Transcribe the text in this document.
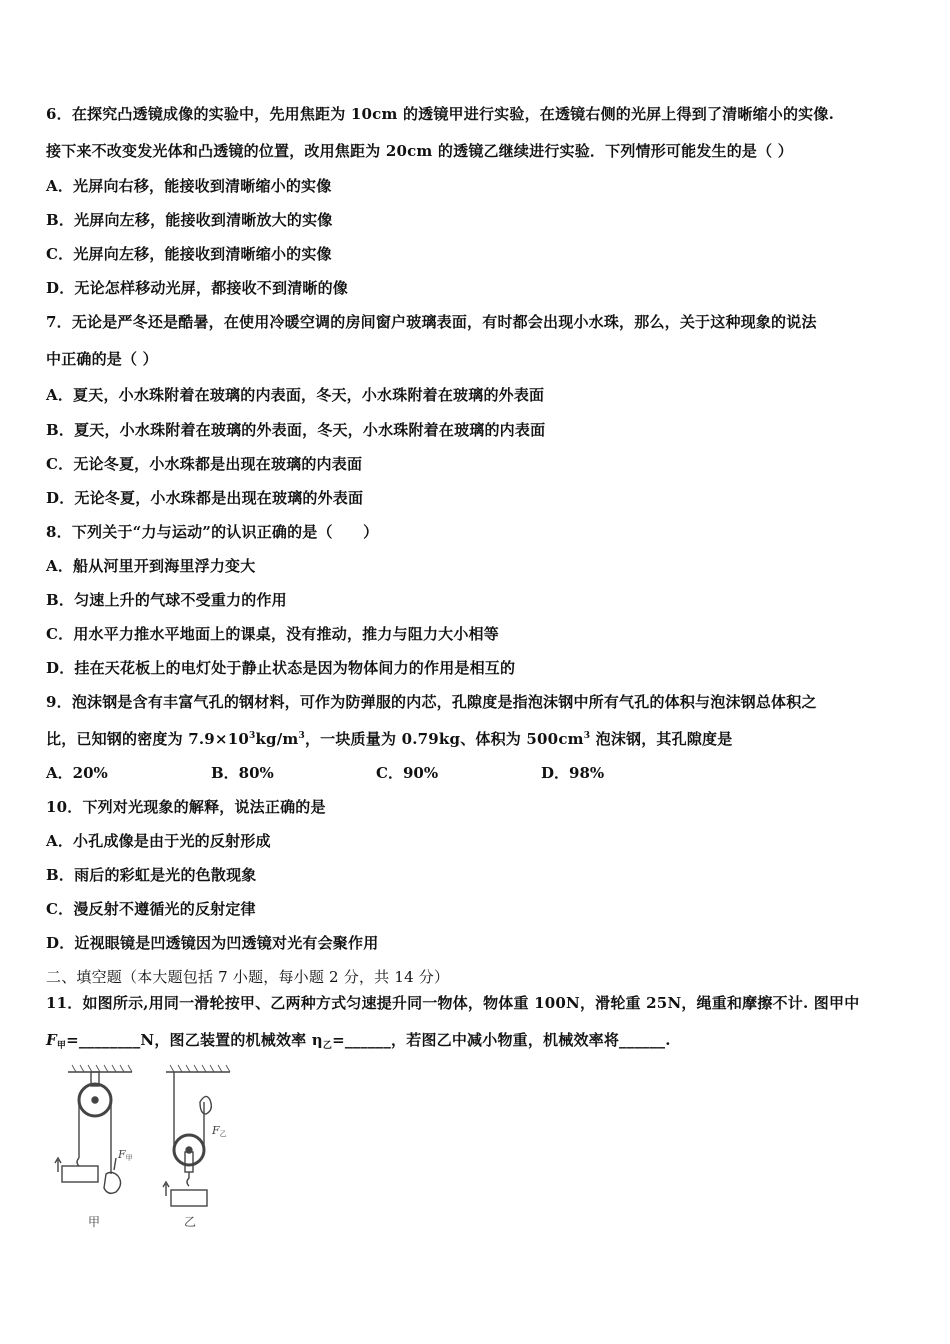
6．在探究凸透镜成像的实验中，先用焦距为 10cm 的透镜甲进行实验，在透镜右侧的光屏上得到了清晰缩小的实像.
接下来不改变发光体和凸透镜的位置，改用焦距为 20cm 的透镜乙继续进行实验．下列情形可能发生的是（ ）
A．光屏向右移，能接收到清晰缩小的实像
B．光屏向左移，能接收到清晰放大的实像
C．光屏向左移，能接收到清晰缩小的实像
D．无论怎样移动光屏，都接收不到清晰的像
7．无论是严冬还是酷暑，在使用冷暖空调的房间窗户玻璃表面，有时都会出现小水珠，那么，关于这种现象的说法
中正确的是（ ）
A．夏天，小水珠附着在玻璃的内表面，冬天，小水珠附着在玻璃的外表面
B．夏天，小水珠附着在玻璃的外表面，冬天，小水珠附着在玻璃的内表面
C．无论冬夏，小水珠都是出现在玻璃的内表面
D．无论冬夏，小水珠都是出现在玻璃的外表面
8．下列关于“力与运动”的认识正确的是（　　）
A．船从河里开到海里浮力变大
B．匀速上升的气球不受重力的作用
C．用水平力推水平地面上的课桌，没有推动，推力与阻力大小相等
D．挂在天花板上的电灯处于静止状态是因为物体间力的作用是相互的
9．泡沫钢是含有丰富气孔的钢材料，可作为防弹服的内芯，孔隙度是指泡沫钢中所有气孔的体积与泡沫钢总体积之
比，已知钢的密度为 $7.9\times 10^3kg/m^3$，一块质量为 0.79kg、体积为 $500cm^3$ 泡沫钢，其孔隙度是
A．20%	B．80%	C．90%	D．98%
10．下列对光现象的解释，说法正确的是
A．小孔成像是由于光的反射形成
B．雨后的彩虹是光的色散现象
C．漫反射不遵循光的反射定律
D．近视眼镜是凹透镜因为凹透镜对光有会聚作用
二、填空题（本大题包括 7 小题，每小题 2 分，共 14 分）
11．如图所示,用同一滑轮按甲、乙两种方式匀速提升同一物体，物体重 100N，滑轮重 25N，绳重和摩擦不计. 图甲中
$F_甲=\_\_\_\_\_\_\_\_N$，图乙装置的机械效率 $\eta_乙=\_\_\_\_\_\_$，若图乙中减小物重，机械效率将______.
F甲
F乙
甲	乙
